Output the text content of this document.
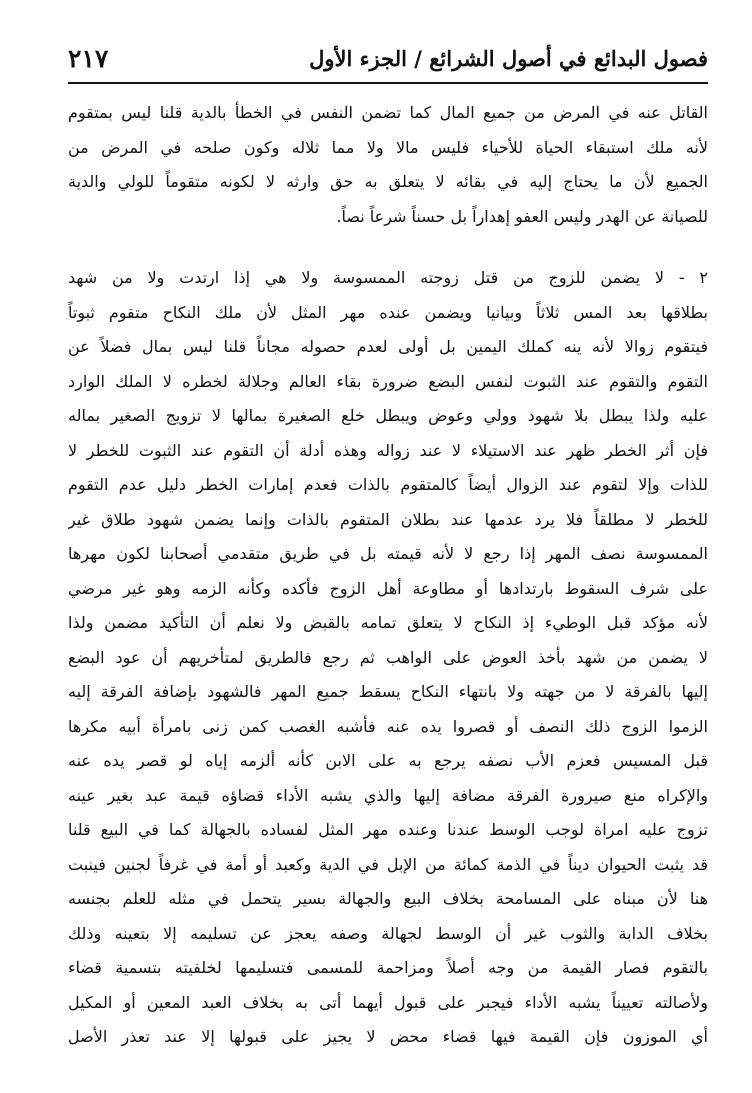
فصول البدائع في أصول الشرائع / الجزء الأول
٢١٧
القاتل عنه في المرض من جميع المال كما تضمن النفس في الخطأ بالدية قلنا ليس بمتقوم
لأنه ملك استبقاء الحياة للأحياء فليس مالا ولا مما ثلاله وكون صلحه في المرض من
الجميع لأن ما يحتاج إليه في بقائه لا يتعلق به حق وارثه لا لكونه متقوماً للولي والدية
للصيانة عن الهدر وليس العفو إهداراً بل حسناً شرعاً نصاً.
٢ - لا يضمن للزوج من قتل زوجته الممسوسة ولا هي إذا ارتدت ولا من شهد
بطلاقها بعد المس ثلاثاً وبيانيا ويضمن عنده مهر المثل لأن ملك النكاح متقوم ثبوتاً
فيتقوم زوالا لأنه ينه كملك اليمين بل أولى لعدم حصوله مجاناً قلنا ليس بمال فضلاً عن
التقوم والتقوم عند الثبوت لنفس البضع ضرورة بقاء العالم وجلالة لخطره لا الملك الوارد
عليه ولذا يبطل بلا شهود وولي وعوض ويبطل خلع الصغيرة بمالها لا تزويج الصغير بماله
فإن أثر الخطر ظهر عند الاستيلاء لا عند زواله وهذه أدلة أن التقوم عند الثبوت للخطر لا
للذات وإلا لتقوم عند الزوال أيضاً كالمتقوم بالذات فعدم إمارات الخطر دليل عدم التقوم
للخطر لا مطلقاً فلا يرد عدمها عند بطلان المتقوم بالذات وإنما يضمن شهود طلاق غير
الممسوسة نصف المهر إذا رجع لا لأنه قيمته بل في طريق متقدمي أصحابنا لكون مهرها
على شرف السقوط بارتدادها أو مطاوعة أهل الزوج فأكده وكأنه الزمه وهو غير مرضي
لأنه مؤكد قبل الوطيء إذ النكاح لا يتعلق تمامه بالقبض ولا نعلم أن التأكيد مضمن ولذا
لا يضمن من شهد بأخذ العوض على الواهب ثم رجع فالطريق لمتأخريهم أن عود البضع
إليها بالفرقة لا من جهته ولا بانتهاء النكاح يسقط جميع المهر فالشهود بإضافة الفرقة إليه
الزموا الزوج ذلك النصف أو قصروا يده عنه فأشبه الغصب كمن زنى بامرأة أبيه مكرها
قبل المسيس فعزم الأب نصفه يرجع به على الابن كأنه ألزمه إياه لو قصر يده عنه
والإكراه منع صيرورة الفرقة مضافة إليها والذي يشبه الأداء قضاؤه قيمة عبد بغير عينه
تزوج عليه امراة لوجب الوسط عندنا وعنده مهر المثل لفساده بالجهالة كما في البيع قلنا
قد يثبت الحيوان ديناً في الذمة كمائة من الإبل في الدية وكعبد أو أمة في غرفاً لجنين فينبت
هنا لأن مبناه على المسامحة بخلاف البيع والجهالة بسير يتحمل في مثله للعلم بجنسه
بخلاف الدابة والثوب غير أن الوسط لجهالة وصفه يعجز عن تسليمه إلا بتعينه وذلك
بالتقوم فصار القيمة من وجه أصلاً ومزاحمة للمسمى فتسليمها لخلفيته بتسمية قضاء
ولأصالته تعييناً يشبه الأداء فيجبر على قبول أيهما أتى به بخلاف العبد المعين أو المكيل
أي الموزون فإن القيمة فيها قضاء محض لا يجيز على قبولها إلا عند تعذر الأصل
